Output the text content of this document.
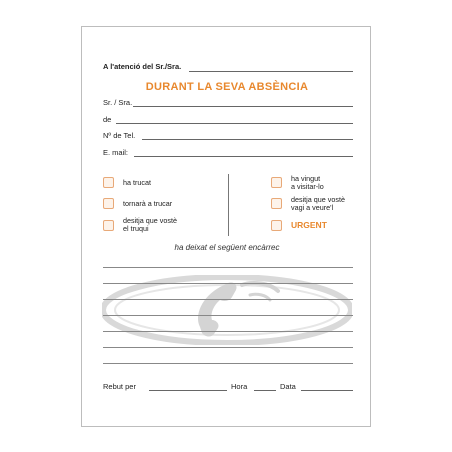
A l'atenció del Sr./Sra.
DURANT LA SEVA ABSÈNCIA
Sr. / Sra.
de
Nº de Tel.
E. mail:
ha trucat
tornarà a trucar
desitja que vostè
el truqui
ha vingut
a visitar-lo
desitja que vostè
vagi a veure'l
URGENT
ha deixat el següent encàrrec
Rebut per	Hora	Data
